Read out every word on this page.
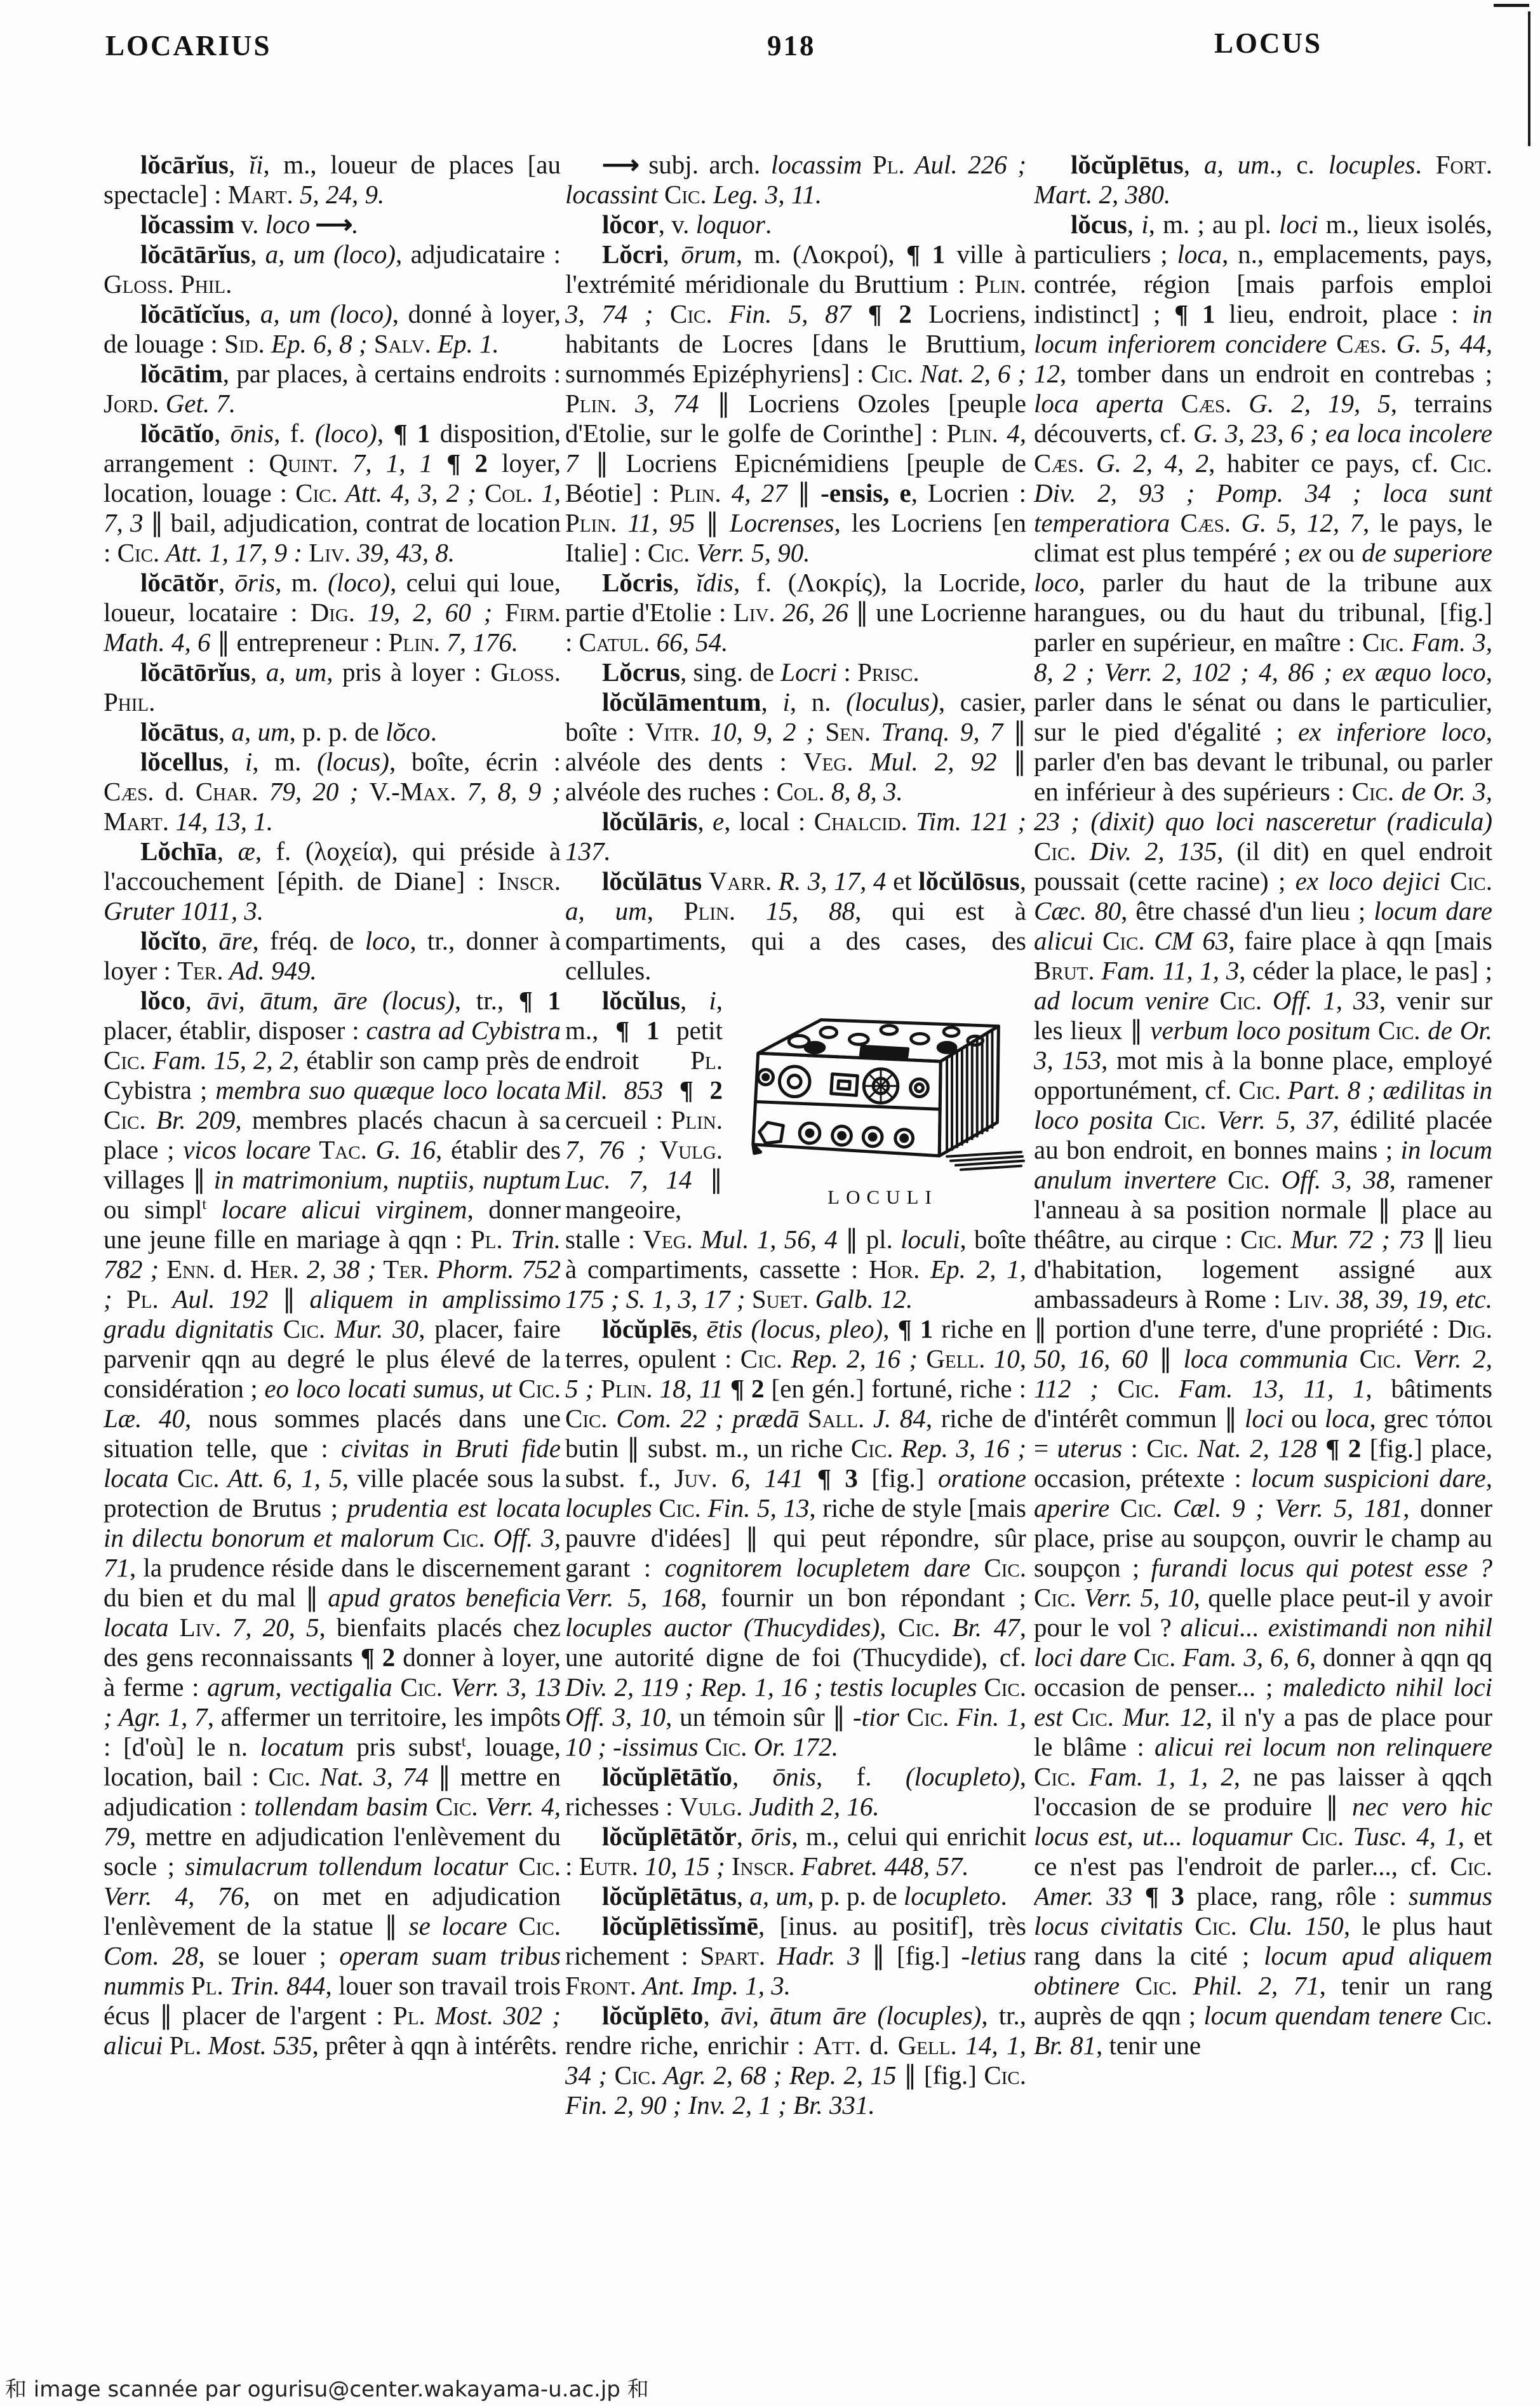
LOCARIUS	918	LOCUS

lŏcārĭus, ĭi, m., loueur de places [au spectacle] : Mart. 5, 24, 9.

lŏcassim v. loco ⟶.

lŏcātārĭus, a, um (loco), adjudicataire : Gloss. Phil.

lŏcātĭcĭus, a, um (loco), donné à loyer, de louage : Sid. Ep. 6, 8 ; Salv. Ep. 1.

lŏcātim, par places, à certains endroits : Jord. Get. 7.

lŏcātĭo, ōnis, f. (loco), ¶ 1 disposition, arrangement : Quint. 7, 1, 1 ¶ 2 loyer, location, louage : Cic. Att. 4, 3, 2 ; Col. 1, 7, 3 ∥ bail, adjudication, contrat de location : Cic. Att. 1, 17, 9 : Liv. 39, 43, 8.

lŏcātŏr, ōris, m. (loco), celui qui loue, loueur, locataire : Dig. 19, 2, 60 ; Firm. Math. 4, 6 ∥ entrepreneur : Plin. 7, 176.

lŏcātōrĭus, a, um, pris à loyer : Gloss. Phil.

lŏcātus, a, um, p. p. de lŏco.

lŏcellus, i, m. (locus), boîte, écrin : Cæs. d. Char. 79, 20 ; V.-Max. 7, 8, 9 ; Mart. 14, 13, 1.

Lŏchīa, æ, f. (λοχεία), qui préside à l'accouchement [épith. de Diane] : Inscr. Gruter 1011, 3.

lŏcĭto, āre, fréq. de loco, tr., donner à loyer : Ter. Ad. 949.

lŏco, āvi, ātum, āre (locus), tr., ¶ 1 placer, établir, disposer : castra ad Cybistra Cic. Fam. 15, 2, 2, établir son camp près de Cybistra ; membra suo quæque loco locata Cic. Br. 209, membres placés chacun à sa place ; vicos locare Tac. G. 16, établir des villages ∥ in matrimonium, nuptiis, nuptum ou simpl$^t$ locare alicui virginem, donner une jeune fille en mariage à qqn : Pl. Trin. 782 ; Enn. d. Her. 2, 38 ; Ter. Phorm. 752 ; Pl. Aul. 192 ∥ aliquem in amplissimo gradu dignitatis Cic. Mur. 30, placer, faire parvenir qqn au degré le plus élevé de la considération ; eo loco locati sumus, ut Cic. Læ. 40, nous sommes placés dans une situation telle, que : civitas in Bruti fide locata Cic. Att. 6, 1, 5, ville placée sous la protection de Brutus ; prudentia est locata in dilectu bonorum et malorum Cic. Off. 3, 71, la prudence réside dans le discernement du bien et du mal ∥ apud gratos beneficia locata Liv. 7, 20, 5, bienfaits placés chez des gens reconnaissants ¶ 2 donner à loyer, à ferme : agrum, vectigalia Cic. Verr. 3, 13 ; Agr. 1, 7, affermer un territoire, les impôts : [d'où] le n. locatum pris subst$^t$, louage, location, bail : Cic. Nat. 3, 74 ∥ mettre en adjudication : tollendam basim Cic. Verr. 4, 79, mettre en adjudication l'enlèvement du socle ; simulacrum tollendum locatur Cic. Verr. 4, 76, on met en adjudication l'enlèvement de la statue ∥ se locare Cic. Com. 28, se louer ; operam suam tribus nummis Pl. Trin. 844, louer son travail trois écus ∥ placer de l'argent : Pl. Most. 302 ; alicui Pl. Most. 535, prêter à qqn à intérêts.

⟶ subj. arch. locassim Pl. Aul. 226 ; locassint Cic. Leg. 3, 11.

lŏcor, v. loquor.

Lŏcri, ōrum, m. (Λοκροί), ¶ 1 ville à l'extrémité méridionale du Bruttium : Plin. 3, 74 ; Cic. Fin. 5, 87 ¶ 2 Locriens, habitants de Locres [dans le Bruttium, surnommés Epizéphyriens] : Cic. Nat. 2, 6 ; Plin. 3, 74 ∥ Locriens Ozoles [peuple d'Etolie, sur le golfe de Corinthe] : Plin. 4, 7 ∥ Locriens Epicnémidiens [peuple de Béotie] : Plin. 4, 27 ∥ -ensis, e, Locrien : Plin. 11, 95 ∥ Locrenses, les Locriens [en Italie] : Cic. Verr. 5, 90.

Lŏcris, ĭdis, f. (Λοκρίς), la Locride, partie d'Etolie : Liv. 26, 26 ∥ une Locrienne : Catul. 66, 54.

Lŏcrus, sing. de Locri : Prisc.

lŏcŭlāmentum, i, n. (loculus), casier, boîte : Vitr. 10, 9, 2 ; Sen. Tranq. 9, 7 ∥ alvéole des dents : Veg. Mul. 2, 92 ∥ alvéole des ruches : Col. 8, 8, 3.

lŏcŭlāris, e, local : Chalcid. Tim. 121 ; 137.

lŏcŭlātus Varr. R. 3, 17, 4 et lŏcŭlōsus, a, um, Plin. 15, 88, qui est à compartiments, qui a des cases, des cellules.

LOCULI
lŏcŭlus, i, m., ¶ 1 petit endroit Pl. Mil. 853 ¶ 2 cercueil : Plin. 7, 76 ; Vulg. Luc. 7, 14 ∥ mangeoire, stalle : Veg. Mul. 1, 56, 4 ∥ pl. loculi, boîte à compartiments, cassette : Hor. Ep. 2, 1, 175 ; S. 1, 3, 17 ; Suet. Galb. 12.

lŏcŭplēs, ētis (locus, pleo), ¶ 1 riche en terres, opulent : Cic. Rep. 2, 16 ; Gell. 10, 5 ; Plin. 18, 11 ¶ 2 [en gén.] fortuné, riche : Cic. Com. 22 ; prædā Sall. J. 84, riche de butin ∥ subst. m., un riche Cic. Rep. 3, 16 ; subst. f., Juv. 6, 141 ¶ 3 [fig.] oratione locuples Cic. Fin. 5, 13, riche de style [mais pauvre d'idées] ∥ qui peut répondre, sûr garant : cognitorem locupletem dare Cic. Verr. 5, 168, fournir un bon répondant ; locuples auctor (Thucydides), Cic. Br. 47, une autorité digne de foi (Thucydide), cf. Div. 2, 119 ; Rep. 1, 16 ; testis locuples Cic. Off. 3, 10, un témoin sûr ∥ -tior Cic. Fin. 1, 10 ; -issimus Cic. Or. 172.

lŏcŭplētātĭo, ōnis, f. (locupleto), richesses : Vulg. Judith 2, 16.

lŏcŭplētātŏr, ōris, m., celui qui enrichit : Eutr. 10, 15 ; Inscr. Fabret. 448, 57.

lŏcŭplētātus, a, um, p. p. de locupleto.

lŏcŭplētissĭmē, [inus. au positif], très richement : Spart. Hadr. 3 ∥ [fig.] -letius Front. Ant. Imp. 1, 3.

lŏcŭplēto, āvi, ātum āre (locuples), tr., rendre riche, enrichir : Att. d. Gell. 14, 1, 34 ; Cic. Agr. 2, 68 ; Rep. 2, 15 ∥ [fig.] Cic. Fin. 2, 90 ; Inv. 2, 1 ; Br. 331.

lŏcŭplētus, a, um., c. locuples. Fort. Mart. 2, 380.

lŏcus, i, m. ; au pl. loci m., lieux isolés, particuliers ; loca, n., emplacements, pays, contrée, région [mais parfois emploi indistinct] ; ¶ 1 lieu, endroit, place : in locum inferiorem concidere Cæs. G. 5, 44, 12, tomber dans un endroit en contrebas ; loca aperta Cæs. G. 2, 19, 5, terrains découverts, cf. G. 3, 23, 6 ; ea loca incolere Cæs. G. 2, 4, 2, habiter ce pays, cf. Cic. Div. 2, 93 ; Pomp. 34 ; loca sunt temperatiora Cæs. G. 5, 12, 7, le pays, le climat est plus tempéré ; ex ou de superiore loco, parler du haut de la tribune aux harangues, ou du haut du tribunal, [fig.] parler en supérieur, en maître : Cic. Fam. 3, 8, 2 ; Verr. 2, 102 ; 4, 86 ; ex æquo loco, parler dans le sénat ou dans le particulier, sur le pied d'égalité ; ex inferiore loco, parler d'en bas devant le tribunal, ou parler en inférieur à des supérieurs : Cic. de Or. 3, 23 ; (dixit) quo loci nasceretur (radicula) Cic. Div. 2, 135, (il dit) en quel endroit poussait (cette racine) ; ex loco dejici Cic. Cæc. 80, être chassé d'un lieu ; locum dare alicui Cic. CM 63, faire place à qqn [mais Brut. Fam. 11, 1, 3, céder la place, le pas] ; ad locum venire Cic. Off. 1, 33, venir sur les lieux ∥ verbum loco positum Cic. de Or. 3, 153, mot mis à la bonne place, employé opportunément, cf. Cic. Part. 8 ; ædilitas in loco posita Cic. Verr. 5, 37, édilité placée au bon endroit, en bonnes mains ; in locum anulum invertere Cic. Off. 3, 38, ramener l'anneau à sa position normale ∥ place au théâtre, au cirque : Cic. Mur. 72 ; 73 ∥ lieu d'habitation, logement assigné aux ambassadeurs à Rome : Liv. 38, 39, 19, etc. ∥ portion d'une terre, d'une propriété : Dig. 50, 16, 60 ∥ loca communia Cic. Verr. 2, 112 ; Cic. Fam. 13, 11, 1, bâtiments d'intérêt commun ∥ loci ou loca, grec τόποι = uterus : Cic. Nat. 2, 128 ¶ 2 [fig.] place, occasion, prétexte : locum suspicioni dare, aperire Cic. Cæl. 9 ; Verr. 5, 181, donner place, prise au soupçon, ouvrir le champ au soupçon ; furandi locus qui potest esse ? Cic. Verr. 5, 10, quelle place peut-il y avoir pour le vol ? alicui... existimandi non nihil loci dare Cic. Fam. 3, 6, 6, donner à qqn qq occasion de penser... ; maledicto nihil loci est Cic. Mur. 12, il n'y a pas de place pour le blâme : alicui rei locum non relinquere Cic. Fam. 1, 1, 2, ne pas laisser à qqch l'occasion de se produire ∥ nec vero hic locus est, ut... loquamur Cic. Tusc. 4, 1, et ce n'est pas l'endroit de parler..., cf. Cic. Amer. 33 ¶ 3 place, rang, rôle : summus locus civitatis Cic. Clu. 150, le plus haut rang dans la cité ; locum apud aliquem obtinere Cic. Phil. 2, 71, tenir un rang auprès de qqn ; locum quendam tenere Cic. Br. 81, tenir une

和 image scannée par ogurisu@center.wakayama-u.ac.jp 和
